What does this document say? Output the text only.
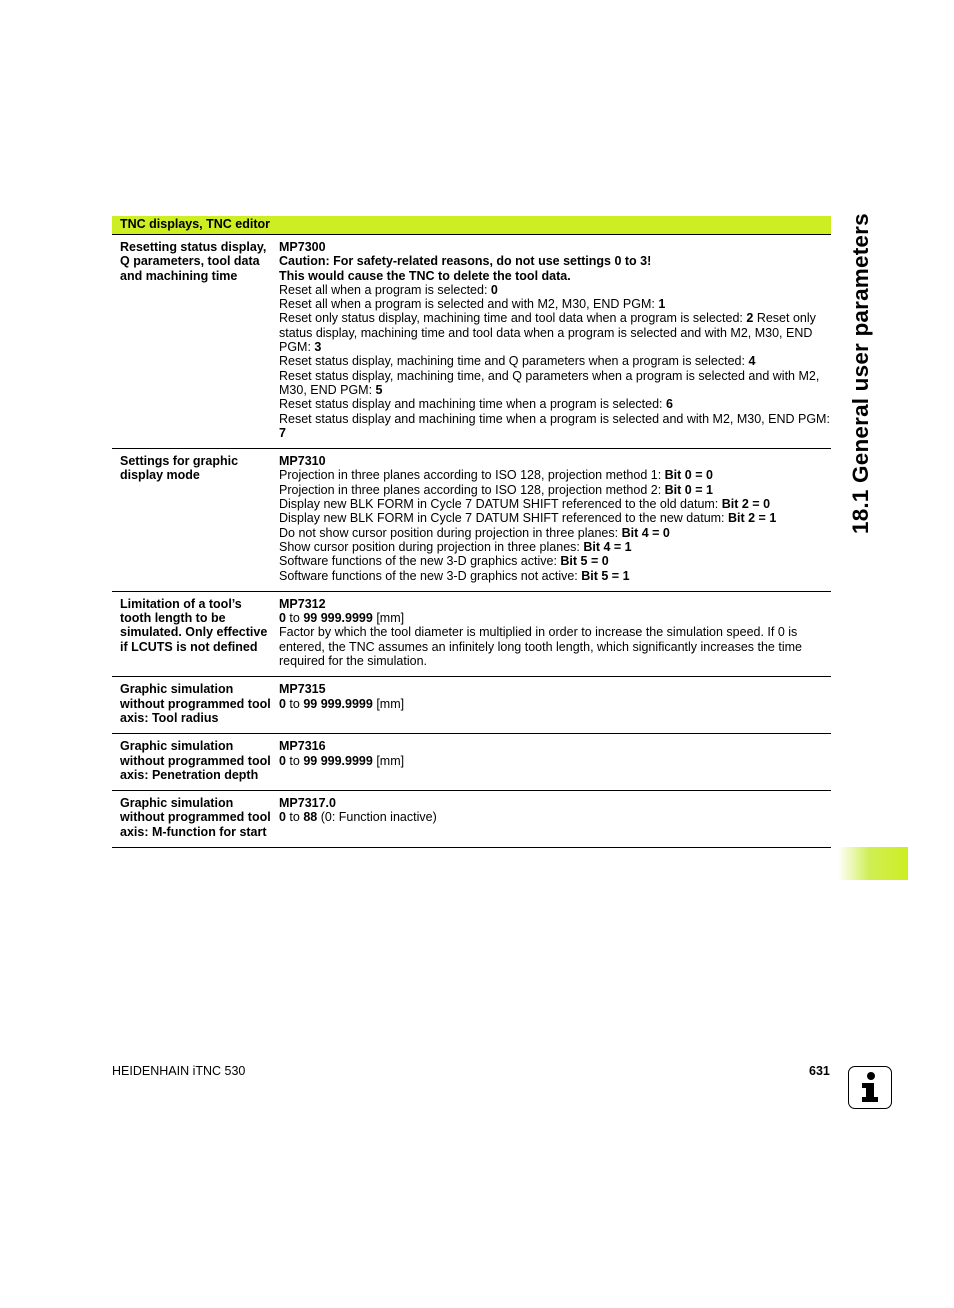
TNC displays, TNC editor
Resetting status display, Q parameters, tool data and machining time
MP7300
Caution: For safety-related reasons, do not use settings 0 to 3!
This would cause the TNC to delete the tool data.
Reset all when a program is selected: 0
Reset all when a program is selected and with M2, M30, END PGM: 1
Reset only status display, machining time and tool data when a program is selected: 2 Reset only status display, machining time and tool data when a program is selected and with M2, M30, END PGM: 3
Reset status display, machining time and Q parameters when a program is selected: 4
Reset status display, machining time, and Q parameters when a program is selected and with M2, M30, END PGM: 5
Reset status display and machining time when a program is selected: 6
Reset status display and machining time when a program is selected and with M2, M30, END PGM: 7
Settings for graphic display mode
MP7310
Projection in three planes according to ISO 128, projection method 1: Bit 0 = 0
Projection in three planes according to ISO 128, projection method 2: Bit 0 = 1
Display new BLK FORM in Cycle 7 DATUM SHIFT referenced to the old datum: Bit 2 = 0
Display new BLK FORM in Cycle 7 DATUM SHIFT referenced to the new datum: Bit 2 = 1
Do not show cursor position during projection in three planes: Bit 4 = 0
Show cursor position during projection in three planes: Bit 4 = 1
Software functions of the new 3-D graphics active: Bit 5 = 0
Software functions of the new 3-D graphics not active: Bit 5 = 1
Limitation of a tool’s tooth length to be simulated. Only effective if LCUTS is not defined
MP7312
0 to 99 999.9999 [mm]
Factor by which the tool diameter is multiplied in order to increase the simulation speed. If 0 is entered, the TNC assumes an infinitely long tooth length, which significantly increases the time required for the simulation.
Graphic simulation without programmed tool axis: Tool radius
MP7315
0 to 99 999.9999 [mm]
Graphic simulation without programmed tool axis: Penetration depth
MP7316
0 to 99 999.9999 [mm]
Graphic simulation without programmed tool axis: M-function for start
MP7317.0
0 to 88 (0: Function inactive)
18.1 General user parameters
HEIDENHAIN iTNC 530	631
